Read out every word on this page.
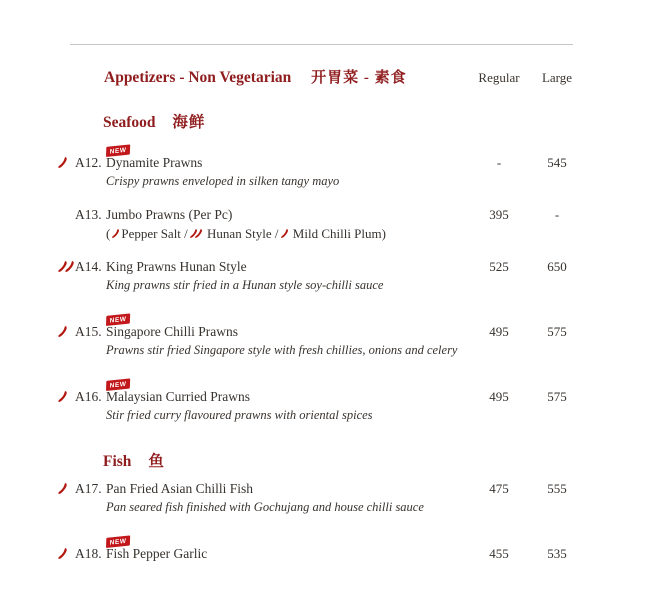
Appetizers - Non Vegetarian 开胃菜 - 素食	Regular	Large
Seafood 海鲜
NEW
A12. Dynamite Prawns	-	545
Crispy prawns enveloped in silken tangy mayo
A13. Jumbo Prawns (Per Pc)	395	-
( Pepper Salt / Hunan Style / Mild Chilli Plum)
A14. King Prawns Hunan Style	525	650
King prawns stir fried in a Hunan style soy-chilli sauce
NEW
A15. Singapore Chilli Prawns	495	575
Prawns stir fried Singapore style with fresh chillies, onions and celery
NEW
A16. Malaysian Curried Prawns	495	575
Stir fried curry flavoured prawns with oriental spices
Fish 鱼
A17. Pan Fried Asian Chilli Fish	475	555
Pan seared fish finished with Gochujang and house chilli sauce
NEW
A18. Fish Pepper Garlic	455	535
